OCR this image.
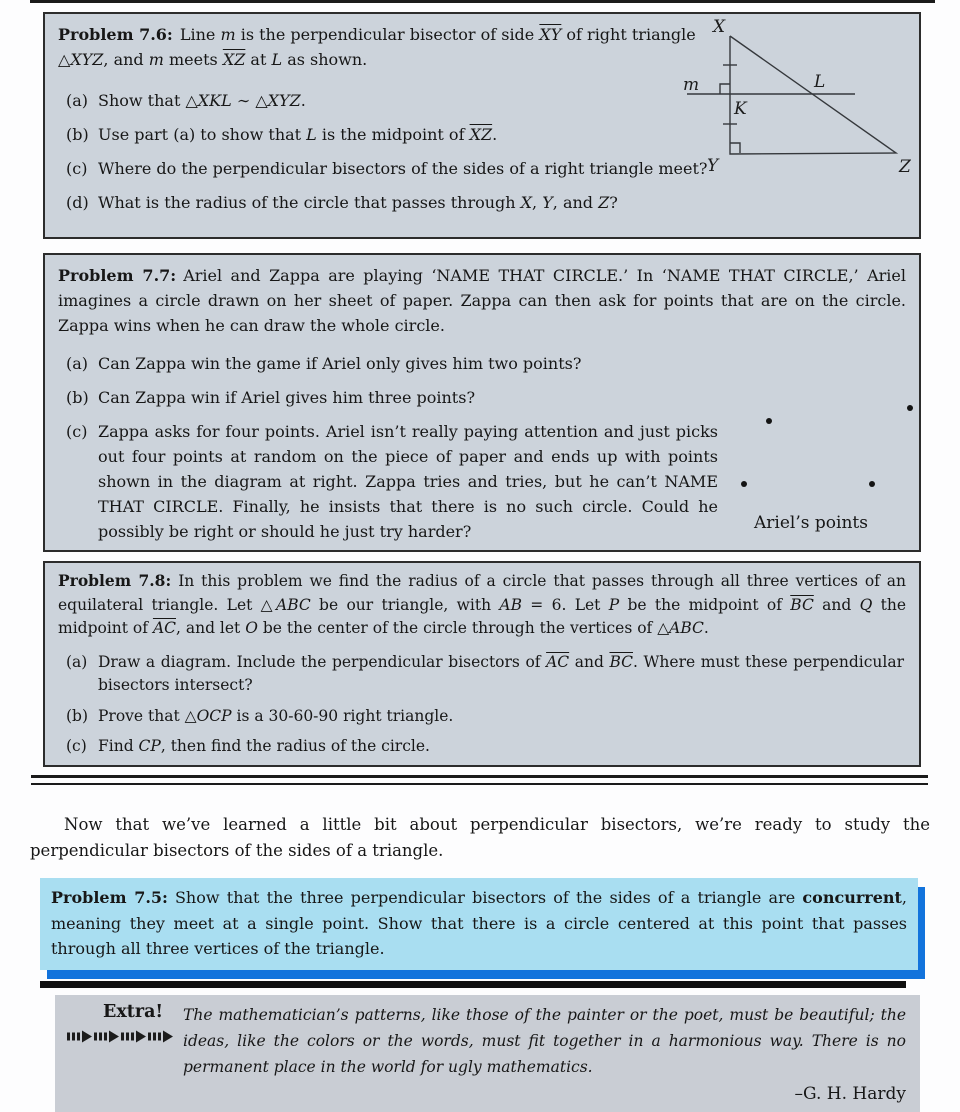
Problem 7.6: Line m is the perpendicular bisector of side $\overline{XY}$ of right triangle △XYZ, and m meets $\overline{XZ}$ at L as shown.
(a) Show that △XKL ∼ △XYZ.
(b) Use part (a) to show that L is the midpoint of $\overline{XZ}$.
(c) Where do the perpendicular bisectors of the sides of a right triangle meet?
(d) What is the radius of the circle that passes through X, Y, and Z?
X
m
K
L
Y	Z
Problem 7.7: Ariel and Zappa are playing ‘NAME THAT CIRCLE.’ In ‘NAME THAT CIRCLE,’ Ariel imagines a circle drawn on her sheet of paper. Zappa can then ask for points that are on the circle. Zappa wins when he can draw the whole circle.
(a) Can Zappa win the game if Ariel only gives him two points?
(b) Can Zappa win if Ariel gives him three points?
(c) Zappa asks for four points. Ariel isn’t really paying attention and just picks out four points at random on the piece of paper and ends up with points shown in the diagram at right. Zappa tries and tries, but he can’t NAME THAT CIRCLE. Finally, he insists that there is no such circle. Could he possibly be right or should he just try harder?	Ariel’s points
Problem 7.8: In this problem we find the radius of a circle that passes through all three vertices of an equilateral triangle. Let △ABC be our triangle, with AB = 6. Let P be the midpoint of $\overline{BC}$ and Q the midpoint of $\overline{AC}$, and let O be the center of the circle through the vertices of △ABC.
(a) Draw a diagram. Include the perpendicular bisectors of $\overline{AC}$ and $\overline{BC}$. Where must these perpendicular bisectors intersect?
(b) Prove that △OCP is a 30-60-90 right triangle.
(c) Find CP, then find the radius of the circle.
Now that we’ve learned a little bit about perpendicular bisectors, we’re ready to study the perpendicular bisectors of the sides of a triangle.
Problem 7.5: Show that the three perpendicular bisectors of the sides of a triangle are concurrent, meaning they meet at a single point. Show that there is a circle centered at this point that passes through all three vertices of the triangle.
Extra!	The mathematician’s patterns, like those of the painter or the poet, must be beautiful; the ideas, like the colors or the words, must fit together in a harmonious way. There is no permanent place in the world for ugly mathematics.
–G. H. Hardy
